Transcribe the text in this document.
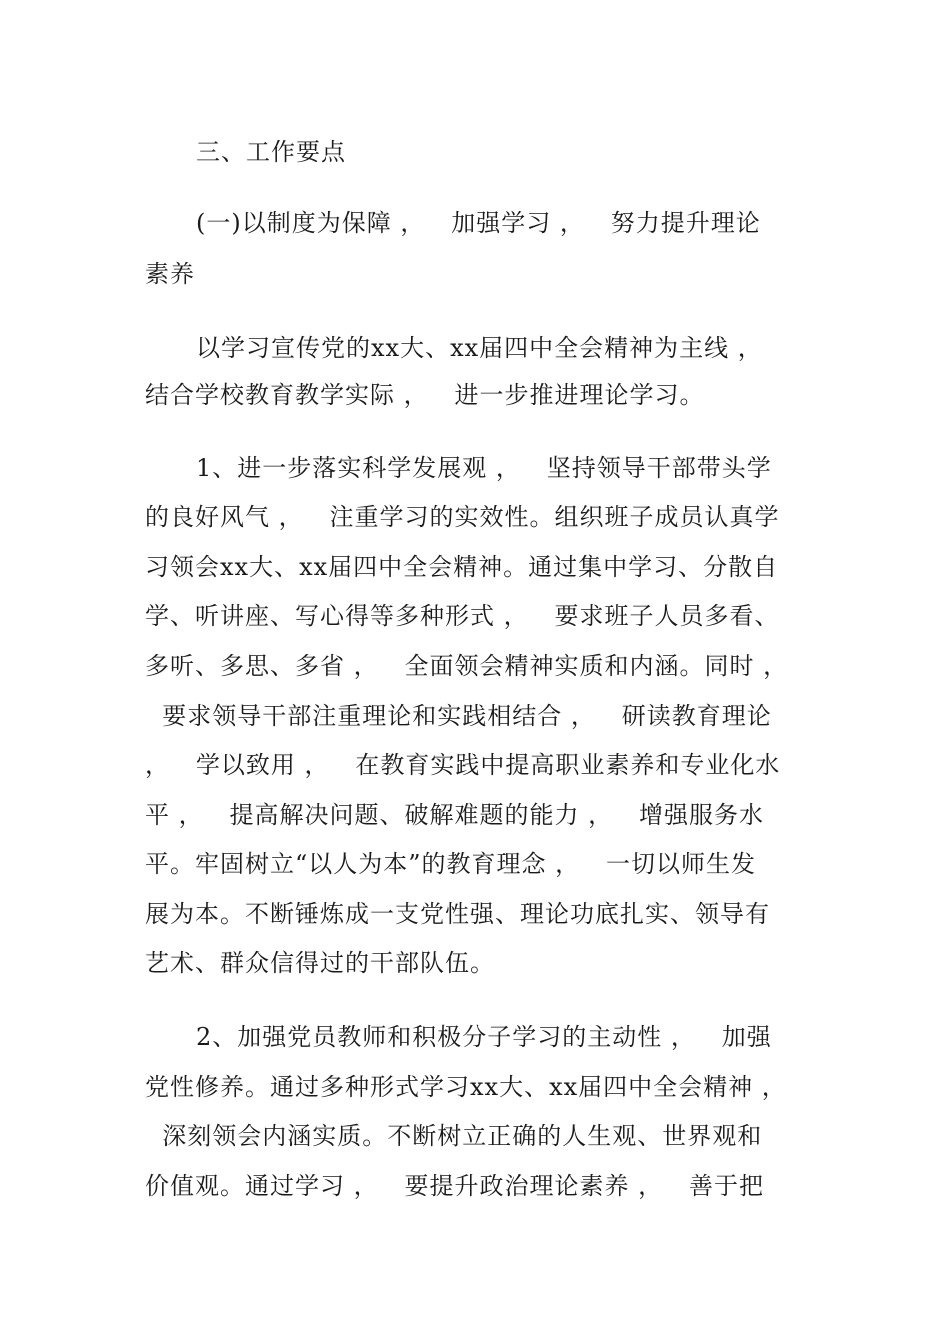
三、工作要点
(一)以制度为保障 ，   加强学习 ，   努力提升理论
素养
以学习宣传党的xx大、xx届四中全会精神为主线 ，
结合学校教育教学实际 ，   进一步推进理论学习。
1、进一步落实科学发展观 ，   坚持领导干部带头学
的良好风气 ，   注重学习的实效性。组织班子成员认真学
习领会xx大、xx届四中全会精神。通过集中学习、分散自
学、听讲座、写心得等多种形式 ，   要求班子人员多看、
多听、多思、多省 ，   全面领会精神实质和内涵。同时 ，
要求领导干部注重理论和实践相结合 ，   研读教育理论
，   学以致用 ，   在教育实践中提高职业素养和专业化水
平 ，   提高解决问题、破解难题的能力 ，   增强服务水
平。牢固树立“以人为本”的教育理念 ，   一切以师生发
展为本。不断锤炼成一支党性强、理论功底扎实、领导有
艺术、群众信得过的干部队伍。
2、加强党员教师和积极分子学习的主动性 ，   加强
党性修养。通过多种形式学习xx大、xx届四中全会精神 ，
深刻领会内涵实质。不断树立正确的人生观、世界观和
价值观。通过学习 ，   要提升政治理论素养 ，   善于把
